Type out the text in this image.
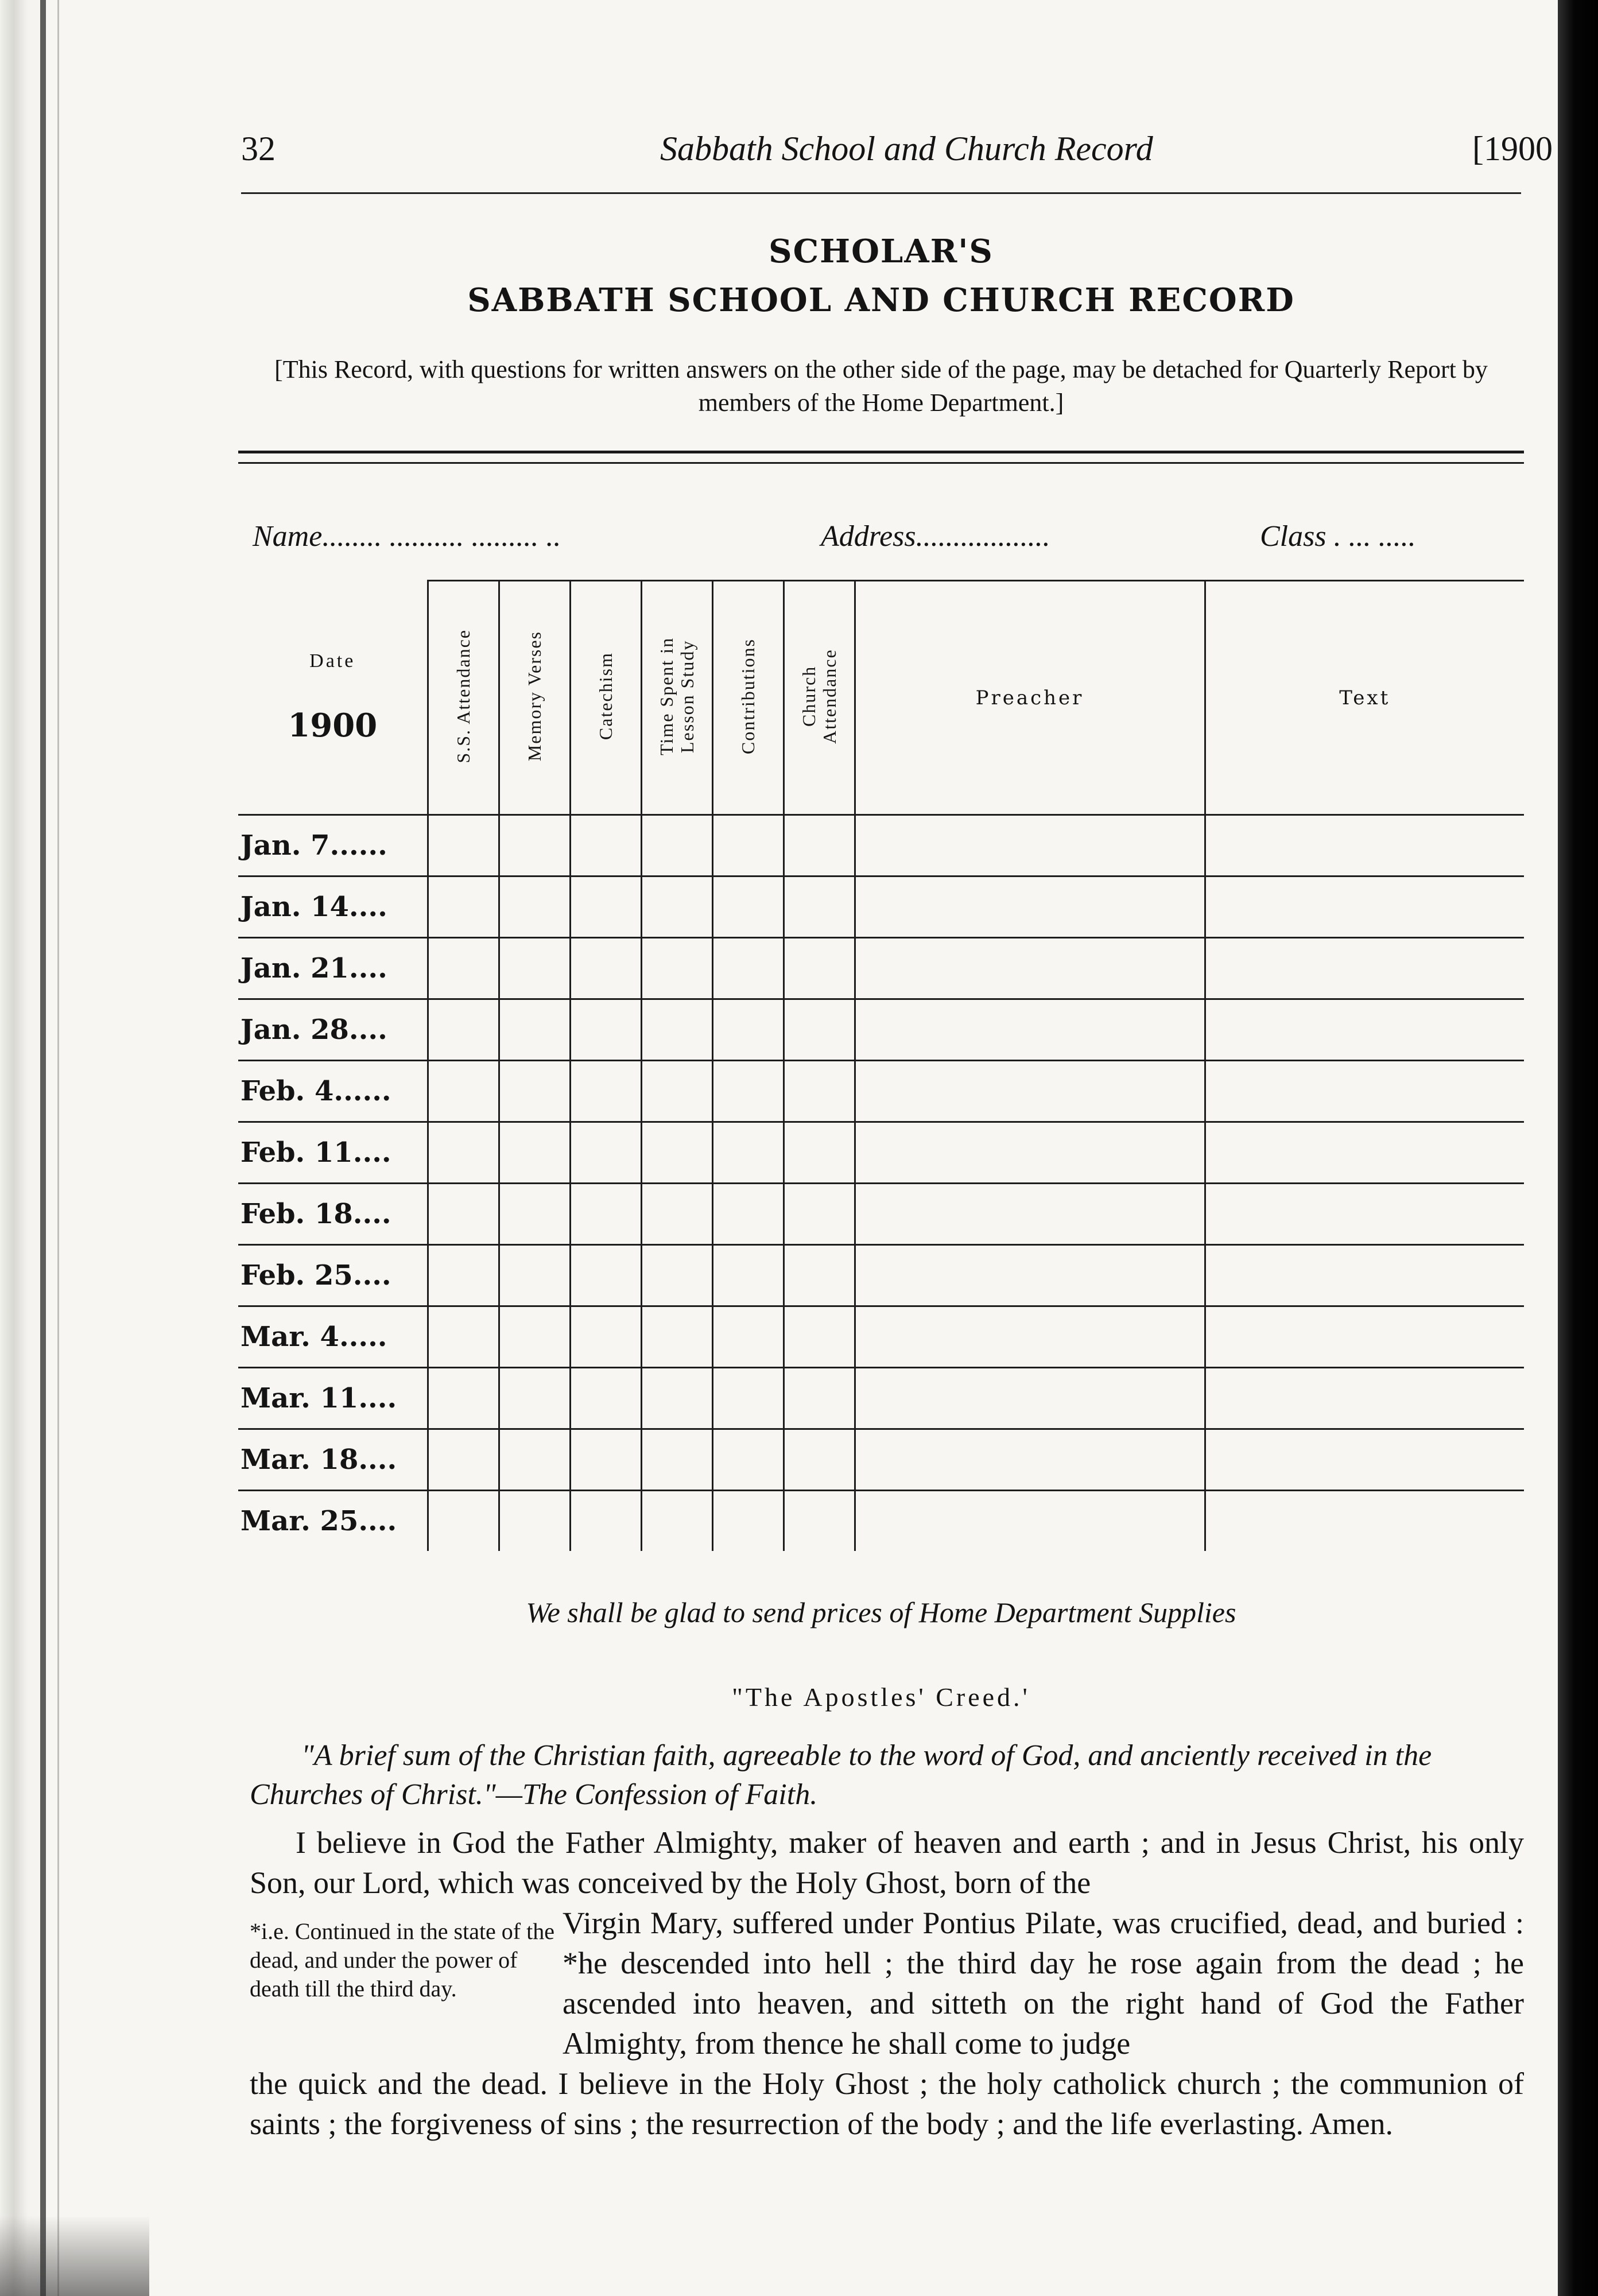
32	Sabbath School and Church Record	[1900
SCHOLAR'S
SABBATH SCHOOL AND CHURCH RECORD
[This Record, with questions for written answers on the other side of the page, may be detached for Quarterly Report by members of the Home Department.]
Name........ .......... ......... ..	Address..................	Class . ... .....
Date
1900	S.S. Attendance	Memory Verses	Catechism	Time Spent in Lesson Study	Contributions	Church Attendance	Preacher	Text
Jan. 7......								
Jan. 14....								
Jan. 21....								
Jan. 28....								
Feb. 4......								
Feb. 11....								
Feb. 18....								
Feb. 25....								
Mar. 4.....								
Mar. 11....								
Mar. 18....								
Mar. 25....								
We shall be glad to send prices of Home Department Supplies
"The Apostles' Creed.'
"A brief sum of the Christian faith, agreeable to the word of God, and anciently received in the Churches of Christ."—The Confession of Faith.
I believe in God the Father Almighty, maker of heaven and earth ; and in Jesus Christ, his only Son, our Lord, which was conceived by the Holy Ghost, born of the
*i.e. Continued in the state of the dead, and under the power of death till the third day.
Virgin Mary, suffered under Pontius Pilate, was crucified, dead, and buried : *he descended into hell ; the third day he rose again from the dead ; he ascended into heaven, and sitteth on the right hand of God the Father Almighty, from thence he shall come to judge
the quick and the dead. I believe in the Holy Ghost ; the holy catholick church ; the communion of saints ; the forgiveness of sins ; the resurrection of the body ; and the life everlasting. Amen.
